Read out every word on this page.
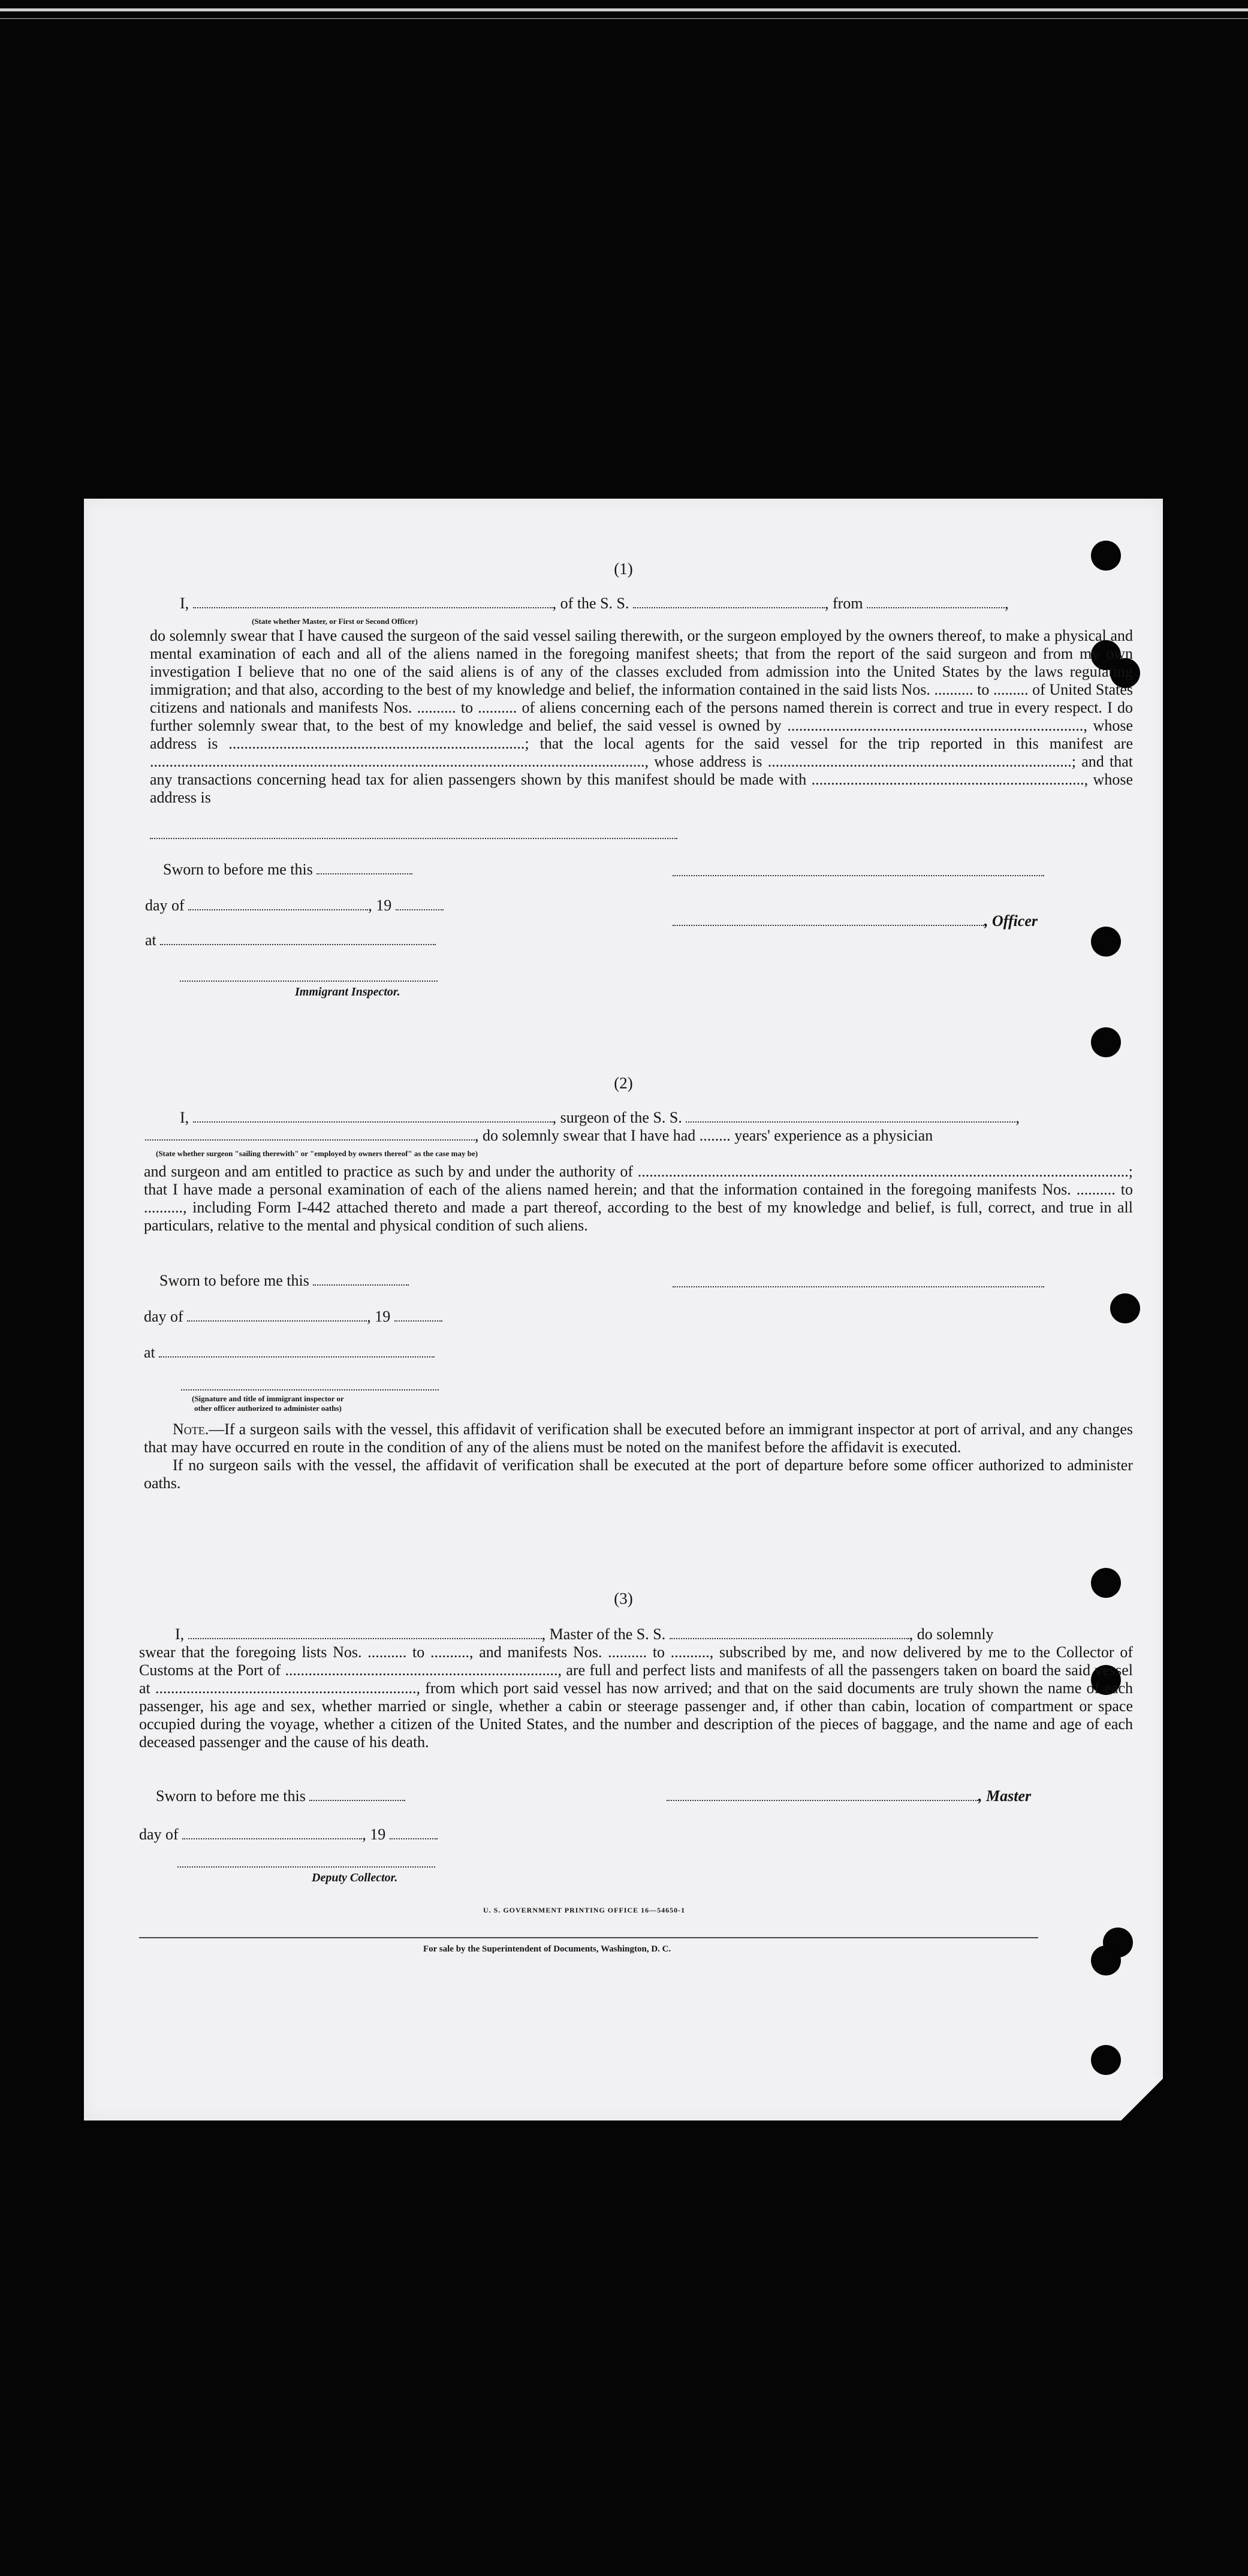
(1)
I,	, of the S. S.	, from	,
(State whether Master, or First or Second Officer)
do solemnly swear that I have caused the surgeon of the said vessel sailing therewith, or the surgeon employed by the owners thereof, to make a physical and mental examination of each and all of the aliens named in the foregoing manifest sheets; that from the report of the said surgeon and from my own investigation I believe that no one of the said aliens is of any of the classes excluded from admission into the United States by the laws regulating immigration; and that also, according to the best of my knowledge and belief, the information contained in the said lists Nos. .......... to ......... of United States citizens and nationals and manifests Nos. .......... to .......... of aliens concerning each of the persons named therein is correct and true in every respect. I do further solemnly swear that, to the best of my knowledge and belief, the said vessel is owned by ............................................................................, whose address is ............................................................................; that the local agents for the said vessel for the trip reported in this manifest are ..............................................................................................................................., whose address is ..............................................................................; and that any transactions concerning head tax for alien passengers shown by this manifest should be made with ......................................................................, whose address is
Sworn to before me this
day of	, 19
, Officer
at
Immigrant Inspector.
(2)
I,	, surgeon of the S. S.	,
, do solemnly swear that I have had ........ years' experience as a physician
(State whether surgeon "sailing therewith" or "employed by owners thereof" as the case may be)
and surgeon and am entitled to practice as such by and under the authority of ..............................................................................................................................; that I have made a personal examination of each of the aliens named herein; and that the information contained in the foregoing manifests Nos. .......... to .........., including Form I-442 attached thereto and made a part thereof, according to the best of my knowledge and belief, is full, correct, and true in all particulars, relative to the mental and physical condition of such aliens.
Sworn to before me this
day of	, 19
at
(Signature and title of immigrant inspector or
other officer authorized to administer oaths)

Note.—If a surgeon sails with the vessel, this affidavit of verification shall be executed before an immigrant inspector at port of arrival, and any changes that may have occurred en route in the condition of any of the aliens must be noted on the manifest before the affidavit is executed.

If no surgeon sails with the vessel, the affidavit of verification shall be executed at the port of departure before some officer authorized to administer oaths.

(3)
I,	, Master of the S. S.	, do solemnly
swear that the foregoing lists Nos. .......... to .........., and manifests Nos. .......... to .........., subscribed by me, and now delivered by me to the Collector of Customs at the Port of ......................................................................, are full and perfect lists and manifests of all the passengers taken on board the said vessel at ..................................................................., from which port said vessel has now arrived; and that on the said documents are truly shown the name of each passenger, his age and sex, whether married or single, whether a cabin or steerage passenger and, if other than cabin, location of compartment or space occupied during the voyage, whether a citizen of the United States, and the number and description of the pieces of baggage, and the name and age of each deceased passenger and the cause of his death.
Sworn to before me this	, Master
day of	, 19
Deputy Collector.
U. S. GOVERNMENT PRINTING OFFICE 16—54650-1
For sale by the Superintendent of Documents, Washington, D. C.
